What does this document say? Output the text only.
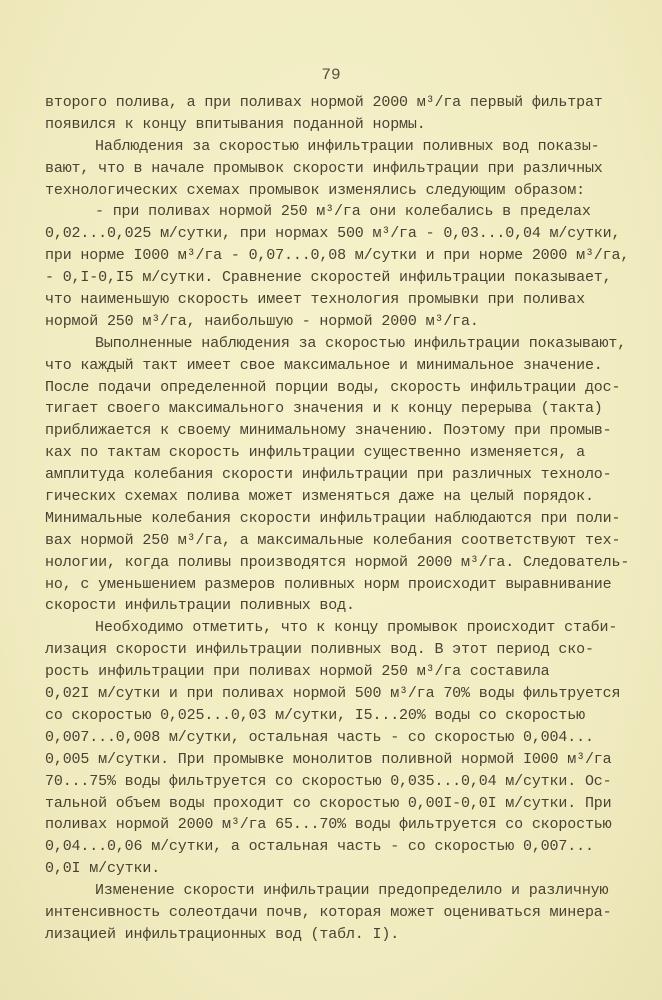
79
второго полива, а при поливах нормой 2000 м³/га первый фильтрат
появился к концу впитывания поданной нормы.
Наблюдения за скоростью инфильтрации поливных вод показы-
вают, что в начале промывок скорости инфильтрации при различных
технологических схемах промывок изменялись следующим образом:
- при поливах нормой 250 м³/га они колебались в пределах
0,02...0,025 м/сутки, при нормах 500 м³/га - 0,03...0,04 м/сутки,
при норме I000 м³/га - 0,07...0,08 м/сутки и при норме 2000 м³/га,
- 0,I-0,I5 м/сутки. Сравнение скоростей инфильтрации показывает,
что наименьшую скорость имеет технология промывки при поливах
нормой 250 м³/га, наибольшую - нормой 2000 м³/га.
Выполненные наблюдения за скоростью инфильтрации показывают,
что каждый такт имеет свое максимальное и минимальное значение.
После подачи определенной порции воды, скорость инфильтрации дос-
тигает своего максимального значения и к концу перерыва (такта)
приближается к своему минимальному значению. Поэтому при промыв-
ках по тактам скорость инфильтрации существенно изменяется, а
амплитуда колебания скорости инфильтрации при различных техноло-
гических схемах полива может изменяться даже на целый порядок.
Минимальные колебания скорости инфильтрации наблюдаются при поли-
вах нормой 250 м³/га, а максимальные колебания соответствуют тех-
нологии, когда поливы производятся нормой 2000 м³/га. Следователь-
но, с уменьшением размеров поливных норм происходит выравнивание
скорости инфильтрации поливных вод.
Необходимо отметить, что к концу промывок происходит стаби-
лизация скорости инфильтрации поливных вод. В этот период ско-
рость инфильтрации при поливах нормой 250 м³/га составила
0,02I м/сутки и при поливах нормой 500 м³/га 70% воды фильтруется
со скоростью 0,025...0,03 м/сутки, I5...20% воды со скоростью
0,007...0,008 м/сутки, остальная часть - со скоростью 0,004...
0,005 м/сутки. При промывке монолитов поливной нормой I000 м³/га
70...75% воды фильтруется со скоростью 0,035...0,04 м/сутки. Ос-
тальной объем воды проходит со скоростью 0,00I-0,0I м/сутки. При
поливах нормой 2000 м³/га 65...70% воды фильтруется со скоростью
0,04...0,06 м/сутки, а остальная часть - со скоростью 0,007...
0,0I м/сутки.
Изменение скорости инфильтрации предопределило и различную
интенсивность солеотдачи почв, которая может оцениваться минера-
лизацией инфильтрационных вод (табл. I).
